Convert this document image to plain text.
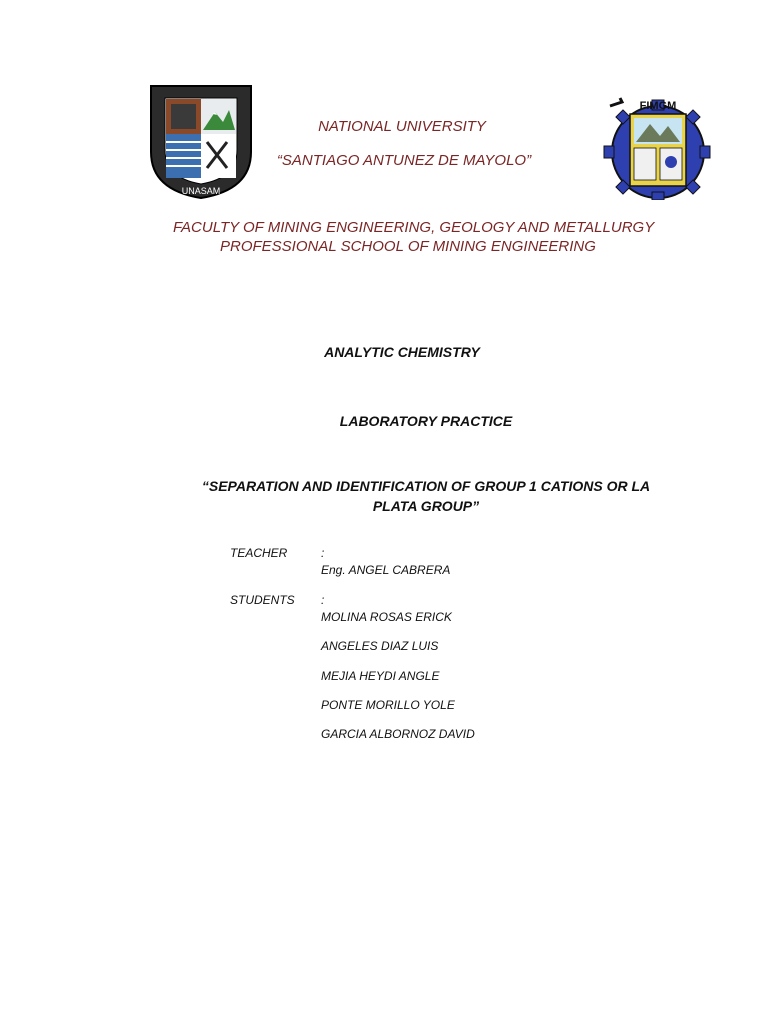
UNASAM
FIMGM
NATIONAL UNIVERSITY
“SANTIAGO ANTUNEZ DE MAYOLO”
FACULTY OF MINING ENGINEERING, GEOLOGY AND METALLURGY
PROFESSIONAL SCHOOL OF MINING ENGINEERING
ANALYTIC CHEMISTRY
LABORATORY PRACTICE
“SEPARATION AND IDENTIFICATION OF GROUP 1 CATIONS OR LA
PLATA GROUP”
TEACHER	:
Eng. ANGEL CABRERA
STUDENTS :
MOLINA ROSAS ERICK
ANGELES DIAZ LUIS
MEJIA HEYDI ANGLE
PONTE MORILLO YOLE
GARCIA ALBORNOZ DAVID
